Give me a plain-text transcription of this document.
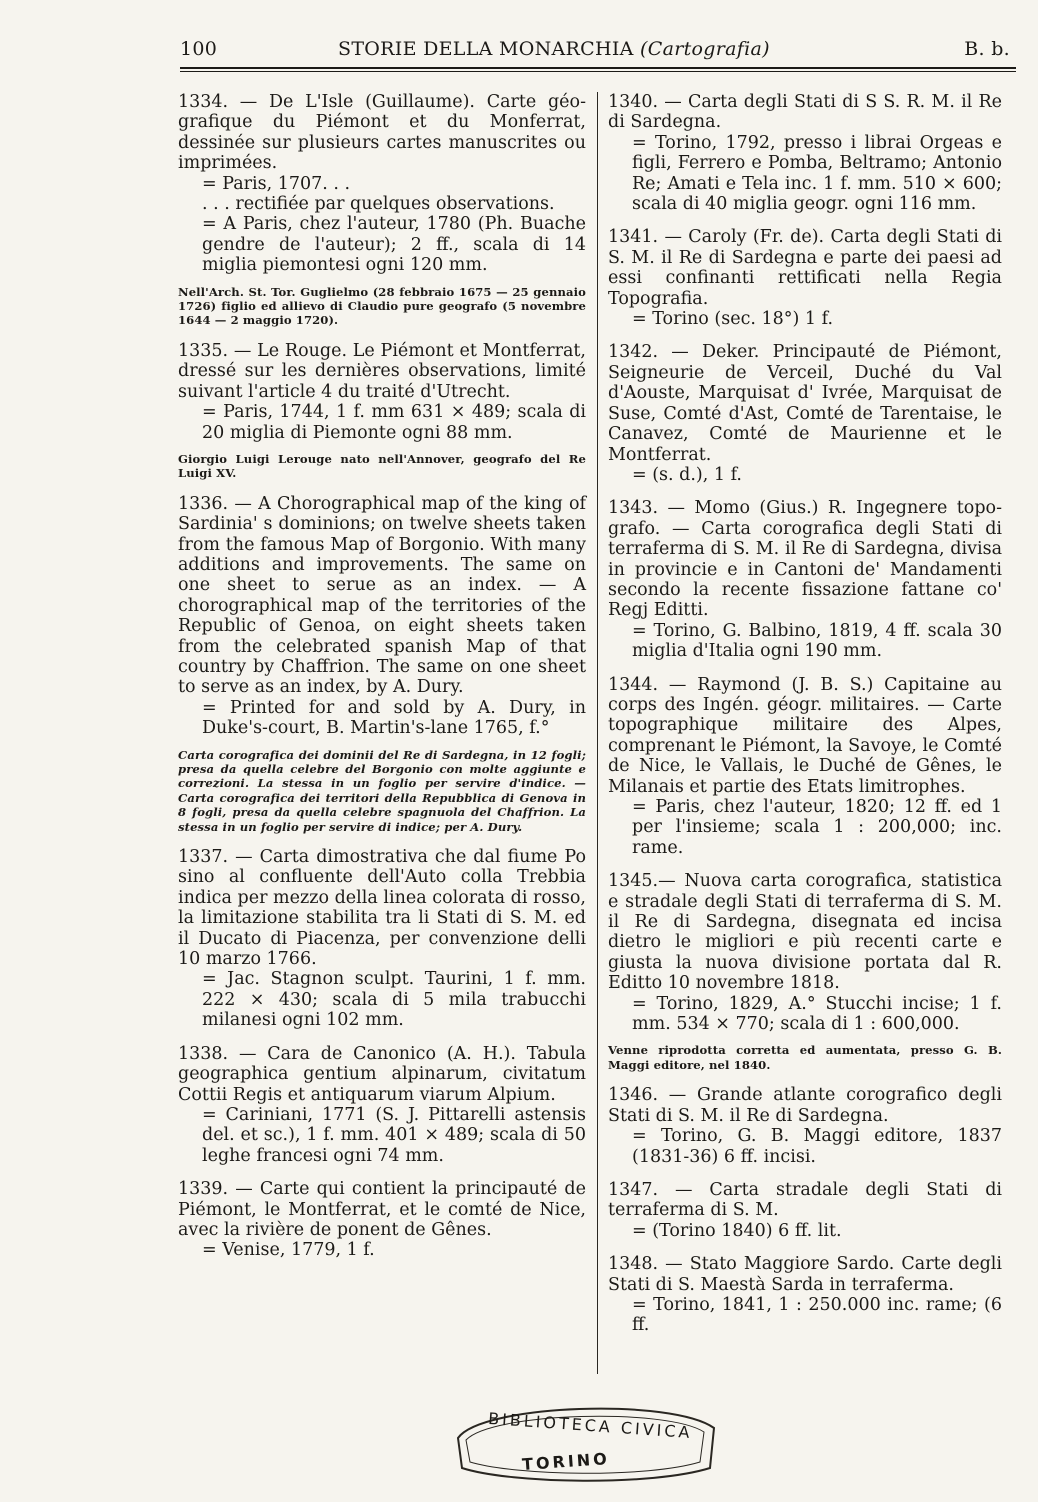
100	STORIE DELLA MONARCHIA (Cartografia)	B. b.

1334. — De L'Isle (Guillaume). Carte géografique du Piémont et du Monferrat, dessinée sur plusieurs cartes manuscrites ou imprimées.

= Paris, 1707. . .

. . . rectifiée par quelques observations.

= A Paris, chez l'auteur, 1780 (Ph. Buache gendre de l'auteur); 2 ff., scala di 14 miglia piemontesi ogni 120 mm.

Nell'Arch. St. Tor. Guglielmo (28 febbraio 1675 — 25 gennaio 1726) figlio ed allievo di Claudio pure geografo (5 novembre 1644 — 2 maggio 1720).

1335. — Le Rouge. Le Piémont et Montferrat, dressé sur les dernières observations, limité suivant l'article 4 du traité d'Utrecht.

= Paris, 1744, 1 f. mm 631 × 489; scala di 20 miglia di Piemonte ogni 88 mm.

Giorgio Luigi Lerouge nato nell'Annover, geografo del Re Luigi XV.

1336. — A Chorographical map of the king of Sardinia' s dominions; on twelve sheets taken from the famous Map of Borgonio. With many additions and improvements. The same on one sheet to serue as an index. — A chorographical map of the territories of the Republic of Genoa, on eight sheets taken from the celebrated spanish Map of that country by Chaffrion. The same on one sheet to serve as an index, by A. Dury.

= Printed for and sold by A. Dury, in Duke's-court, B. Martin's-lane 1765, f.°

Carta corografica dei dominii del Re di Sardegna, in 12 fogli; presa da quella celebre del Borgonio con molte aggiunte e correzioni. La stessa in un foglio per servire d'indice. — Carta corografica dei territori della Repubblica di Genova in 8 fogli, presa da quella celebre spagnuola del Chaffrion. La stessa in un foglio per servire di indice; per A. Dury.

1337. — Carta dimostrativa che dal fiume Po sino al confluente dell'Auto colla Trebbia indica per mezzo della linea colorata di rosso, la limitazione stabilita tra li Stati di S. M. ed il Ducato di Piacenza, per convenzione delli 10 marzo 1766.

= Jac. Stagnon sculpt. Taurini, 1 f. mm. 222 × 430; scala di 5 mila trabucchi milanesi ogni 102 mm.

1338. — Cara de Canonico (A. H.). Tabula geographica gentium alpinarum, civitatum Cottii Regis et antiquarum viarum Alpium.

= Cariniani, 1771 (S. J. Pittarelli astensis del. et sc.), 1 f. mm. 401 × 489; scala di 50 leghe francesi ogni 74 mm.

1339. — Carte qui contient la principauté de Piémont, le Montferrat, et le comté de Nice, avec la rivière de ponent de Gênes.

= Venise, 1779, 1 f.

1340. — Carta degli Stati di S S. R. M. il Re di Sardegna.

= Torino, 1792, presso i librai Orgeas e figli, Ferrero e Pomba, Beltramo; Antonio Re; Amati e Tela inc. 1 f. mm. 510 × 600; scala di 40 miglia geogr. ogni 116 mm.

1341. — Caroly (Fr. de). Carta degli Stati di S. M. il Re di Sardegna e parte dei paesi ad essi confinanti rettificati nella Regia Topografia.

= Torino (sec. 18°) 1 f.

1342. — Deker. Principauté de Piémont, Seigneurie de Verceil, Duché du Val d'Aouste, Marquisat d' Ivrée, Marquisat de Suse, Comté d'Ast, Comté de Tarentaise, le Canavez, Comté de Maurienne et le Montferrat.

= (s. d.), 1 f.

1343. — Momo (Gius.) R. Ingegnere topografo. — Carta corografica degli Stati di terraferma di S. M. il Re di Sardegna, divisa in provincie e in Cantoni de' Mandamenti secondo la recente fissazione fattane co' Regj Editti.

= Torino, G. Balbino, 1819, 4 ff. scala 30 miglia d'Italia ogni 190 mm.

1344. — Raymond (J. B. S.) Capitaine au corps des Ingén. géogr. militaires. — Carte topographique militaire des Alpes, comprenant le Piémont, la Savoye, le Comté de Nice, le Vallais, le Duché de Gênes, le Milanais et partie des Etats limitrophes.

= Paris, chez l'auteur, 1820; 12 ff. ed 1 per l'insieme; scala 1 : 200,000; inc. rame.

1345.— Nuova carta corografica, statistica e stradale degli Stati di terraferma di S. M. il Re di Sardegna, disegnata ed incisa dietro le migliori e più recenti carte e giusta la nuova divisione portata dal R. Editto 10 novembre 1818.

= Torino, 1829, A.° Stucchi incise; 1 f. mm. 534 × 770; scala di 1 : 600,000.

Venne riprodotta corretta ed aumentata, presso G. B. Maggi editore, nel 1840.

1346. — Grande atlante corografico degli Stati di S. M. il Re di Sardegna.

= Torino, G. B. Maggi editore, 1837 (1831-36) 6 ff. incisi.

1347. — Carta stradale degli Stati di terraferma di S. M.

= (Torino 1840) 6 ff. lit.

1348. — Stato Maggiore Sardo. Carte degli Stati di S. Maestà Sarda in terraferma.

= Torino, 1841, 1 : 250.000 inc. rame; (6 ff.

BIBLIOTECA CIVICA
TORINO
